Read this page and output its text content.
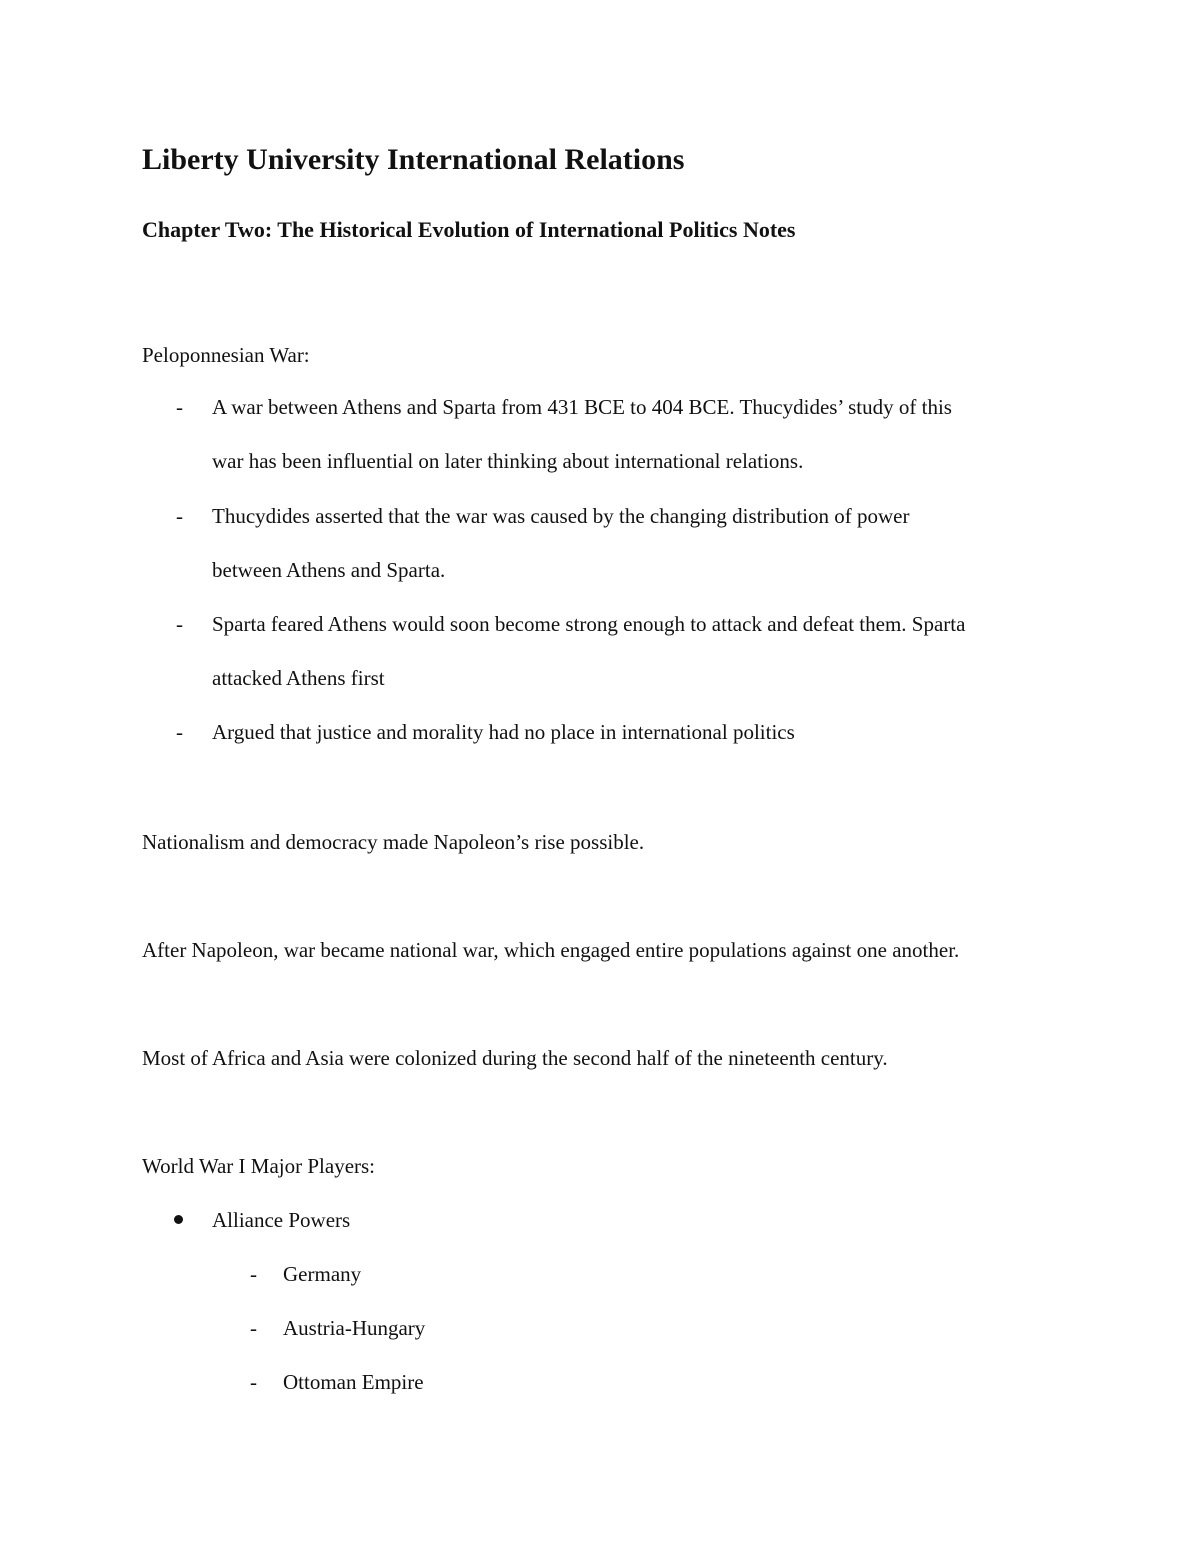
Liberty University International Relations
Chapter Two: The Historical Evolution of International Politics Notes

Peloponnesian War:

- A war between Athens and Sparta from 431 BCE to 404 BCE. Thucydides’ study of this
war has been influential on later thinking about international relations.
- Thucydides asserted that the war was caused by the changing distribution of power
between Athens and Sparta.
- Sparta feared Athens would soon become strong enough to attack and defeat them. Sparta
attacked Athens first
- Argued that justice and morality had no place in international politics

Nationalism and democracy made Napoleon’s rise possible.

After Napoleon, war became national war, which engaged entire populations against one another.

Most of Africa and Asia were colonized during the second half of the nineteenth century.

World War I Major Players:

Alliance Powers
- Germany
- Austria-Hungary
- Ottoman Empire
